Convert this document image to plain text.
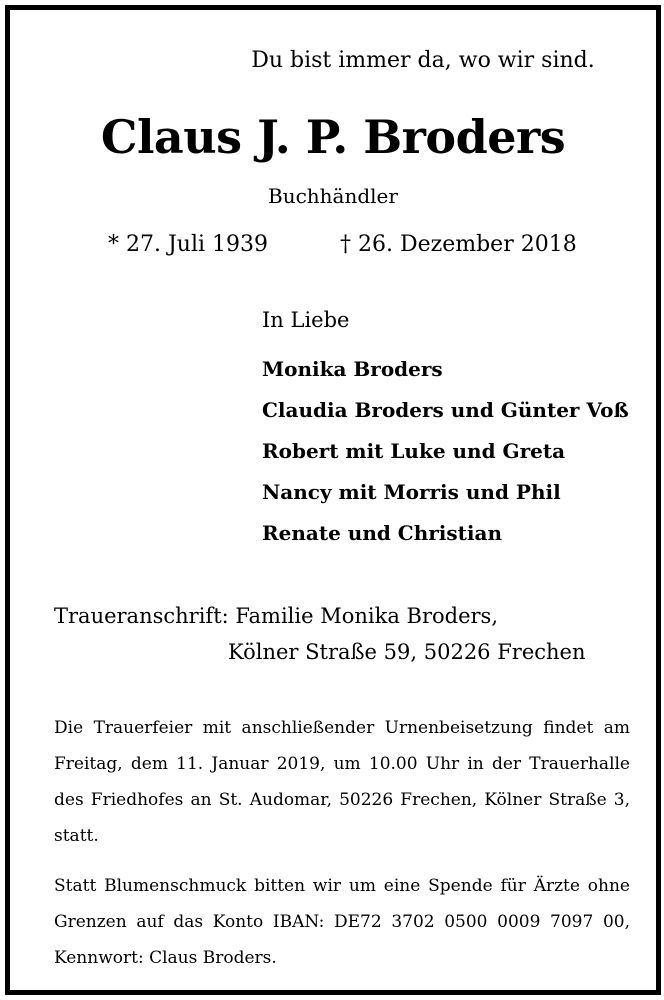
Du bist immer da, wo wir sind.
Claus J. P. Broders
Buchhändler
* 27. Juli 1939	† 26. Dezember 2018
In Liebe
Monika Broders
Claudia Broders und Günter Voß
Robert mit Luke und Greta
Nancy mit Morris und Phil
Renate und Christian
Traueranschrift: Familie Monika Broders,
Kölner Straße 59, 50226 Frechen
Die Trauerfeier mit anschließender Urnenbeisetzung findet am Freitag, dem 11. Januar 2019, um 10.00 Uhr in der Trauerhalle des Friedhofes an St. Audomar, 50226 Frechen, Kölner Straße 3, statt.
Statt Blumenschmuck bitten wir um eine Spende für Ärzte ohne Grenzen auf das Konto IBAN: DE72 3702 0500 0009 7097 00, Kennwort: Claus Broders.
